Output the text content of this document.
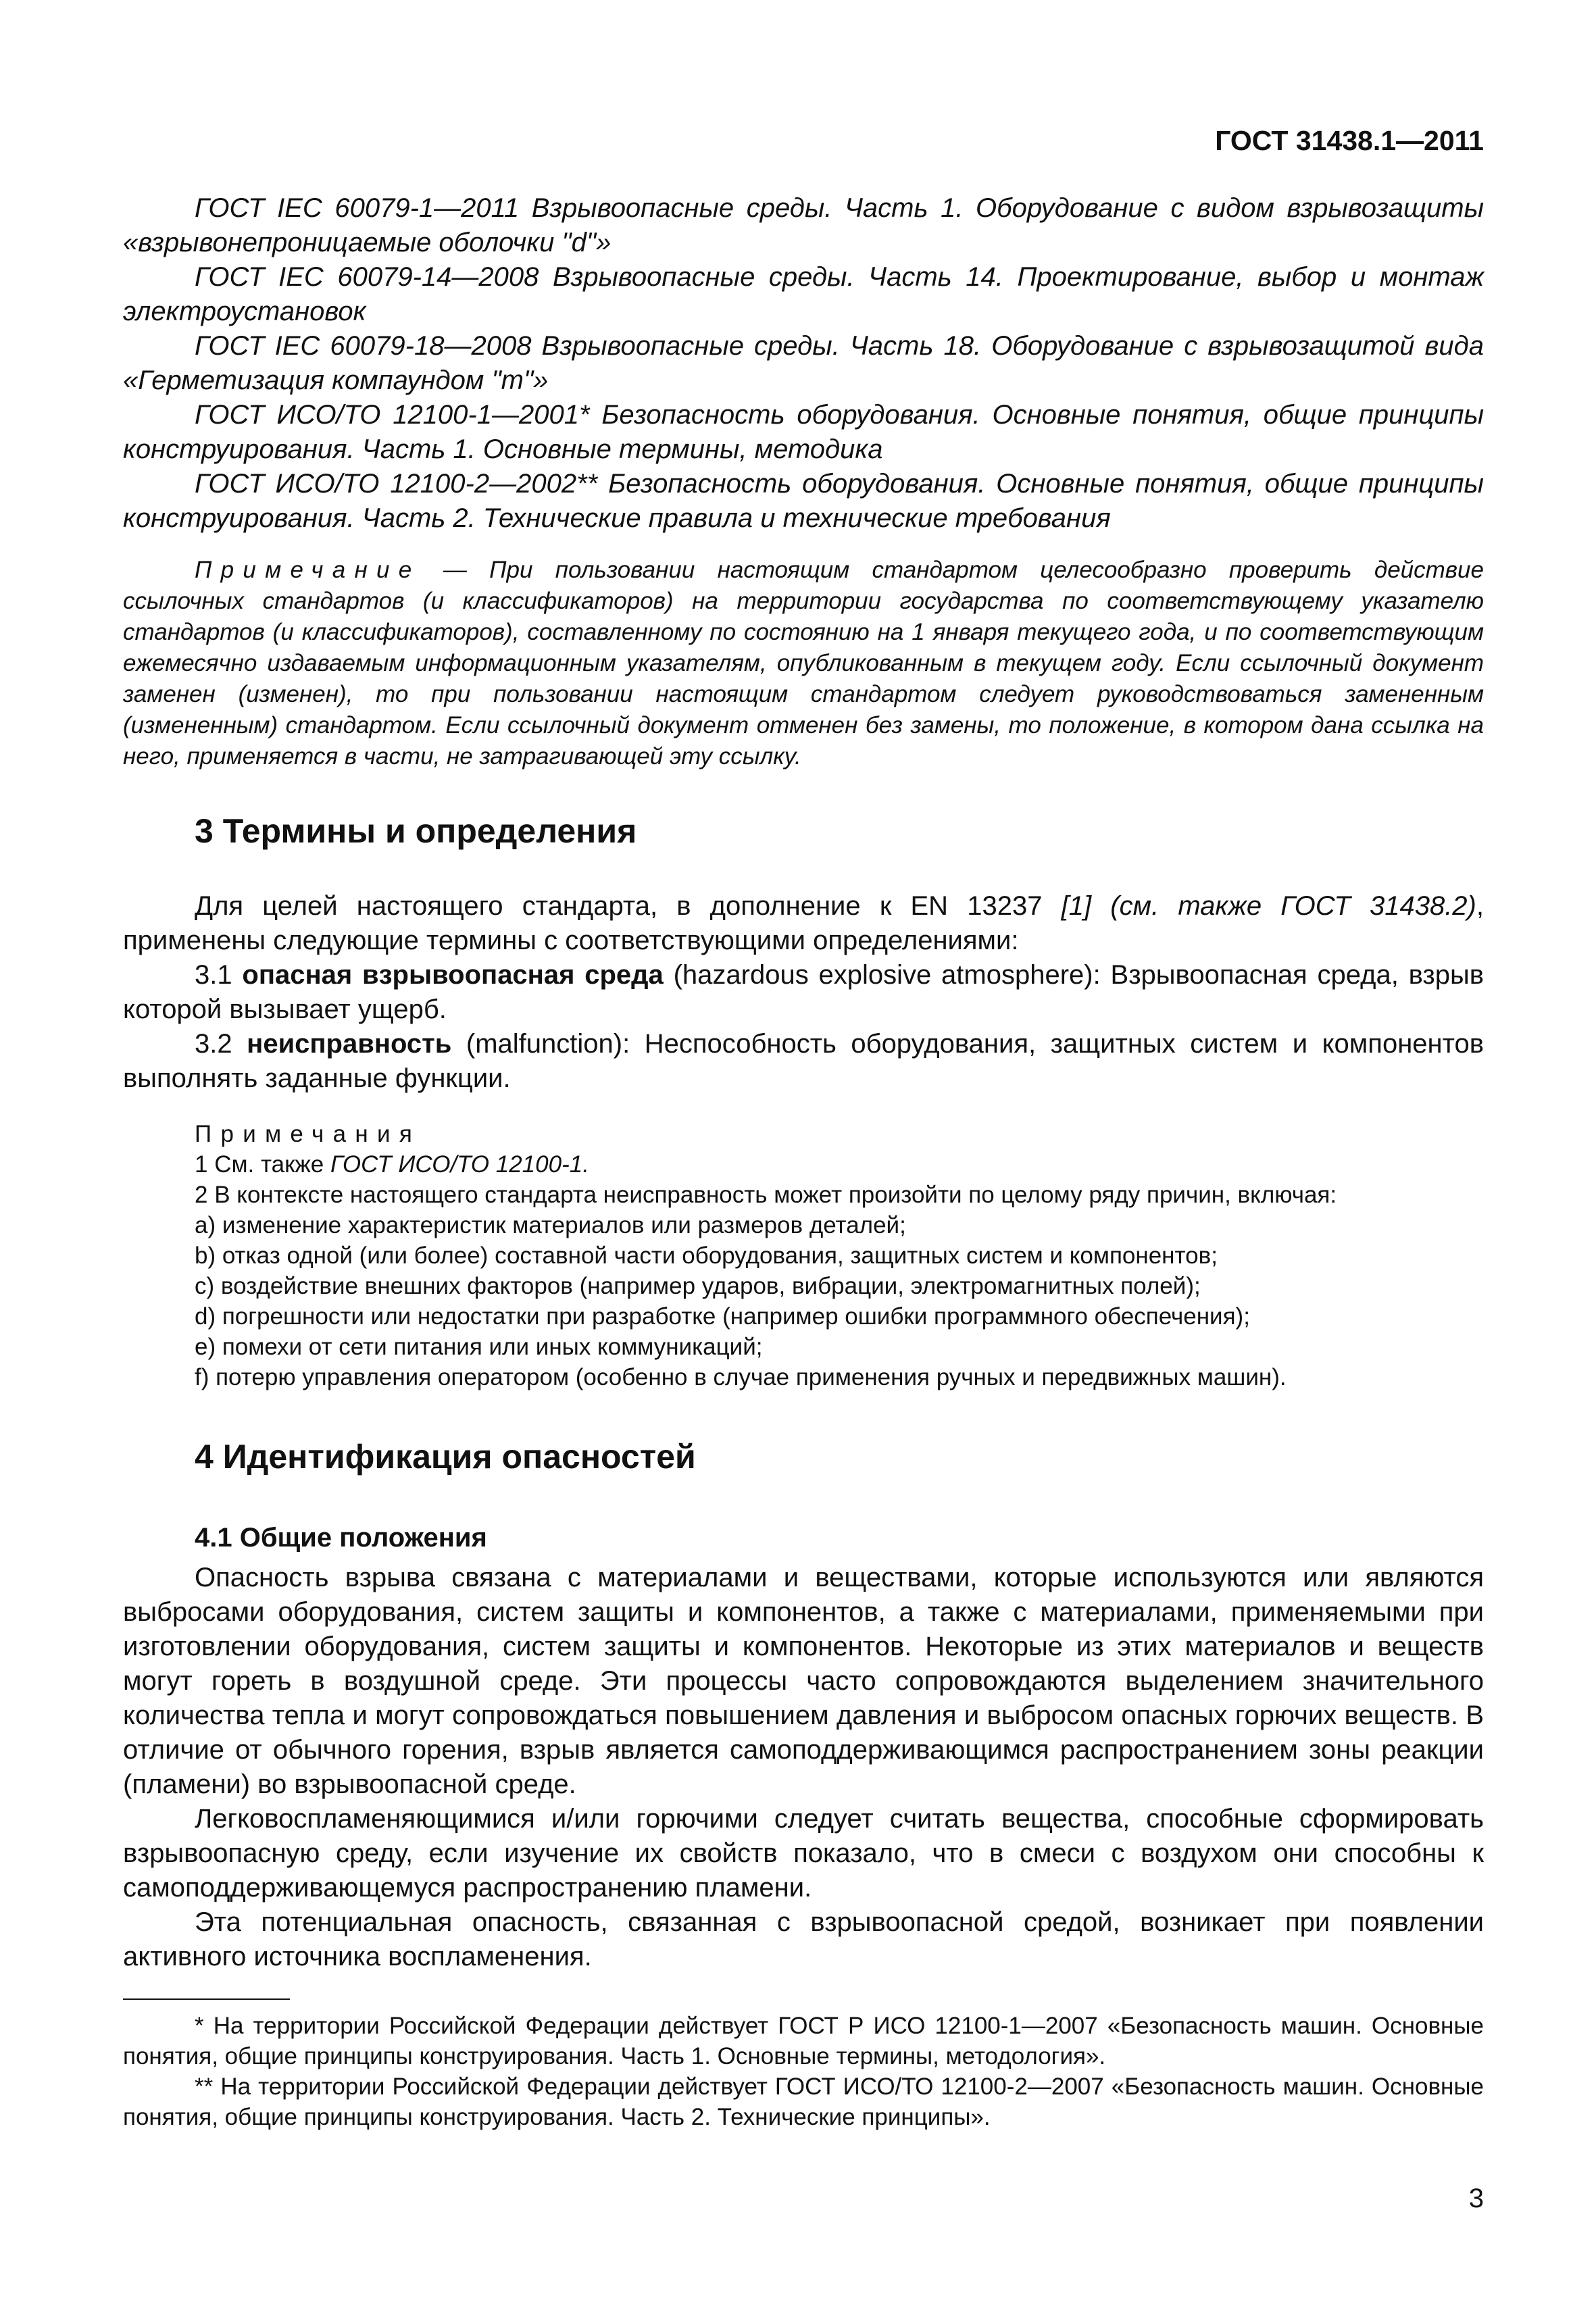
ГОСТ 31438.1—2011

ГОСТ IEC 60079-1—2011 Взрывоопасные среды. Часть 1. Оборудование с видом взрывозащиты «взрывонепроницаемые оболочки "d"»

ГОСТ IEC 60079-14—2008 Взрывоопасные среды. Часть 14. Проектирование, выбор и монтаж электроустановок

ГОСТ IEC 60079-18—2008 Взрывоопасные среды. Часть 18. Оборудование с взрывозащитой вида «Герметизация компаундом "m"»

ГОСТ ИСО/ТО 12100-1—2001* Безопасность оборудования. Основные понятия, общие принципы конструирования. Часть 1. Основные термины, методика

ГОСТ ИСО/ТО 12100-2—2002** Безопасность оборудования. Основные понятия, общие принципы конструирования. Часть 2. Технические правила и технические требования

Примечание — При пользовании настоящим стандартом целесообразно проверить действие ссылочных стандартов (и классификаторов) на территории государства по соответствующему указателю стандартов (и классификаторов), составленному по состоянию на 1 января текущего года, и по соответствующим ежемесячно издаваемым информационным указателям, опубликованным в текущем году. Если ссылочный документ заменен (изменен), то при пользовании настоящим стандартом следует руководствоваться замененным (измененным) стандартом. Если ссылочный документ отменен без замены, то положение, в котором дана ссылка на него, применяется в части, не затрагивающей эту ссылку.

3 Термины и определения

Для целей настоящего стандарта, в дополнение к EN 13237 [1] (см. также ГОСТ 31438.2), применены следующие термины с соответствующими определениями:

3.1 опасная взрывоопасная среда (hazardous explosive atmosphere): Взрывоопасная среда, взрыв которой вызывает ущерб.

3.2 неисправность (malfunction): Неспособность оборудования, защитных систем и компонентов выполнять заданные функции.

Примечания

1 См. также ГОСТ ИСО/ТО 12100-1.

2 В контексте настоящего стандарта неисправность может произойти по целому ряду причин, включая:

a) изменение характеристик материалов или размеров деталей;

b) отказ одной (или более) составной части оборудования, защитных систем и компонентов;

c) воздействие внешних факторов (например ударов, вибрации, электромагнитных полей);

d) погрешности или недостатки при разработке (например ошибки программного обеспечения);

e) помехи от сети питания или иных коммуникаций;

f) потерю управления оператором (особенно в случае применения ручных и передвижных машин).

4 Идентификация опасностей
4.1 Общие положения

Опасность взрыва связана с материалами и веществами, которые используются или являются выбросами оборудования, систем защиты и компонентов, а также с материалами, применяемыми при изготовлении оборудования, систем защиты и компонентов. Некоторые из этих материалов и веществ могут гореть в воздушной среде. Эти процессы часто сопровождаются выделением значительного количества тепла и могут сопровождаться повышением давления и выбросом опасных горючих веществ. В отличие от обычного горения, взрыв является самоподдерживающимся распространением зоны реакции (пламени) во взрывоопасной среде.

Легковоспламеняющимися и/или горючими следует считать вещества, способные сформировать взрывоопасную среду, если изучение их свойств показало, что в смеси с воздухом они способны к самоподдерживающемуся распространению пламени.

Эта потенциальная опасность, связанная с взрывоопасной средой, возникает при появлении активного источника воспламенения.

* На территории Российской Федерации действует ГОСТ Р ИСО 12100-1—2007 «Безопасность машин. Основные понятия, общие принципы конструирования. Часть 1. Основные термины, методология».

** На территории Российской Федерации действует ГОСТ ИСО/ТО 12100-2—2007 «Безопасность машин. Основные понятия, общие принципы конструирования. Часть 2. Технические принципы».

3
